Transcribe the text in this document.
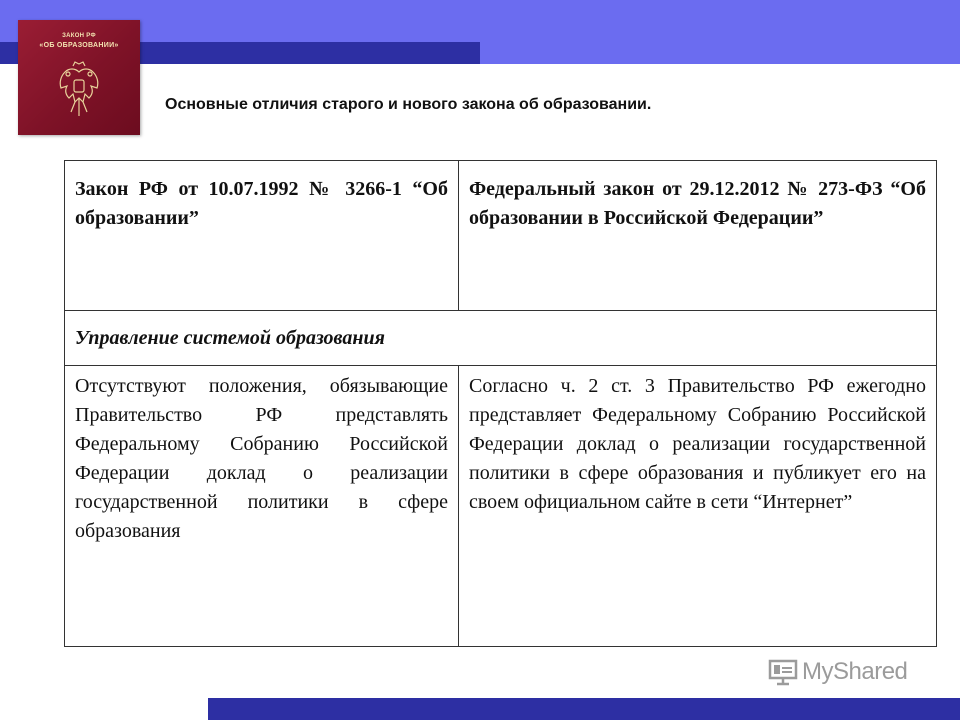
ЗАКОН РФ
«ОБ ОБРАЗОВАНИИ»
Основные отличия старого и нового закона об образовании.
Закон РФ от 10.07.1992 № 3266-1 “Об образовании”	Федеральный закон от 29.12.2012 № 273-ФЗ “Об образовании в Российской Федерации”
Управление системой образования	
Отсутствуют положения, обязывающие Правительство РФ представлять Федеральному Собранию Российской Федерации доклад о реализации государственной политики в сфере образования	Согласно ч. 2 ст. 3 Правительство РФ ежегодно представляет Федеральному Собранию Российской Федерации доклад о реализации государственной политики в сфере образования и публикует его на своем официальном сайте в сети “Интернет”
MyShared
